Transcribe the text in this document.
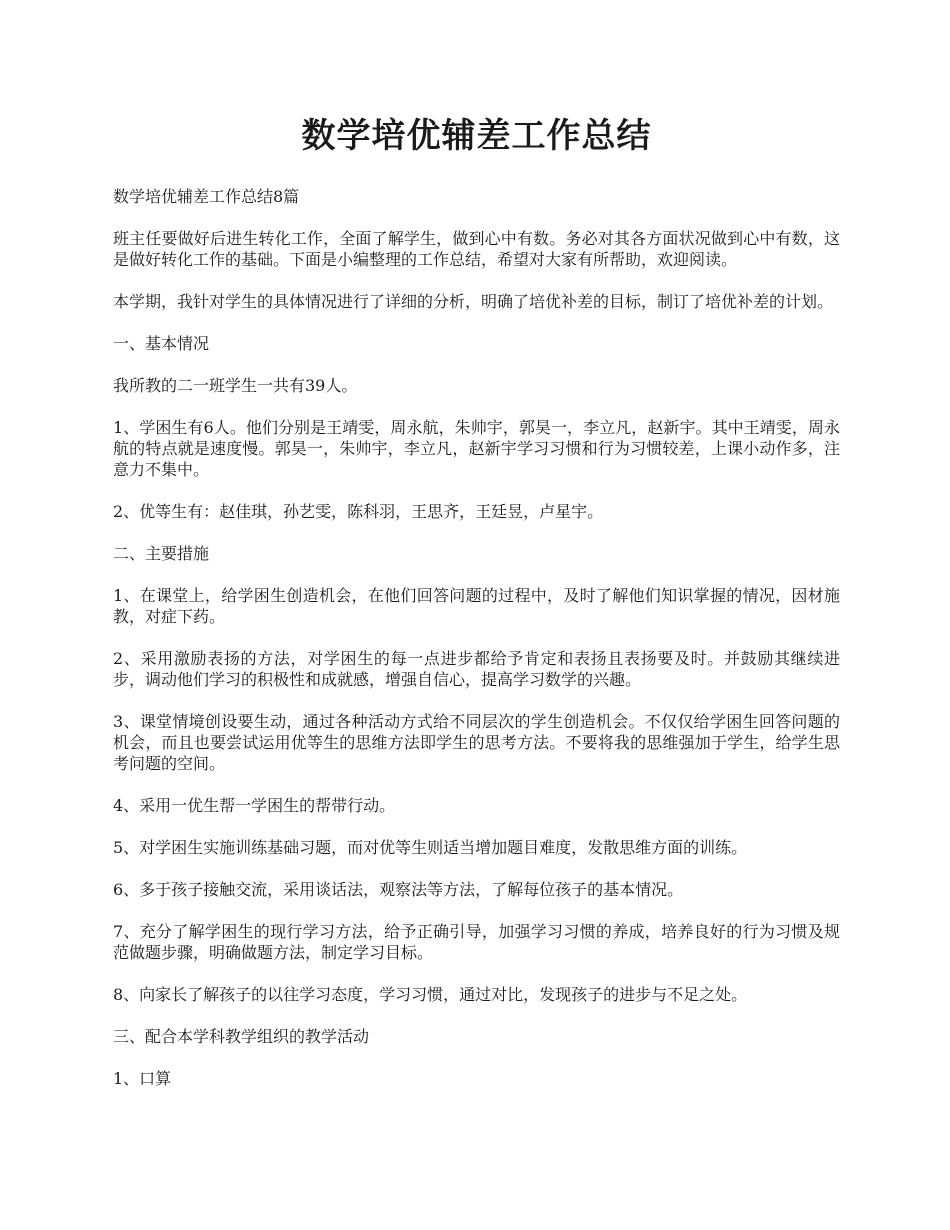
数学培优辅差工作总结

数学培优辅差工作总结8篇

班主任要做好后进生转化工作，全面了解学生，做到心中有数。务必对其各方面状况做到心中有数，这是做好转化工作的基础。下面是小编整理的工作总结，希望对大家有所帮助，欢迎阅读。

本学期，我针对学生的具体情况进行了详细的分析，明确了培优补差的目标，制订了培优补差的计划。

一、基本情况

我所教的二一班学生一共有39人。

1、学困生有6人。他们分别是王靖雯，周永航，朱帅宇，郭昊一，李立凡，赵新宇。其中王靖雯，周永航的特点就是速度慢。郭昊一，朱帅宇，李立凡，赵新宇学习习惯和行为习惯较差，上课小动作多，注意力不集中。

2、优等生有：赵佳琪，孙艺雯，陈科羽，王思齐，王廷昱，卢星宇。

二、主要措施

1、在课堂上，给学困生创造机会，在他们回答问题的过程中，及时了解他们知识掌握的情况，因材施教，对症下药。

2、采用激励表扬的方法，对学困生的每一点进步都给予肯定和表扬且表扬要及时。并鼓励其继续进步，调动他们学习的积极性和成就感，增强自信心，提高学习数学的兴趣。

3、课堂情境创设要生动，通过各种活动方式给不同层次的学生创造机会。不仅仅给学困生回答问题的机会，而且也要尝试运用优等生的思维方法即学生的思考方法。不要将我的思维强加于学生，给学生思考问题的空间。

4、采用一优生帮一学困生的帮带行动。

5、对学困生实施训练基础习题，而对优等生则适当增加题目难度，发散思维方面的训练。

6、多于孩子接触交流，采用谈话法，观察法等方法，了解每位孩子的基本情况。

7、充分了解学困生的现行学习方法，给予正确引导，加强学习习惯的养成，培养良好的行为习惯及规范做题步骤，明确做题方法，制定学习目标。

8、向家长了解孩子的以往学习态度，学习习惯，通过对比，发现孩子的进步与不足之处。

三、配合本学科教学组织的教学活动

1、口算
